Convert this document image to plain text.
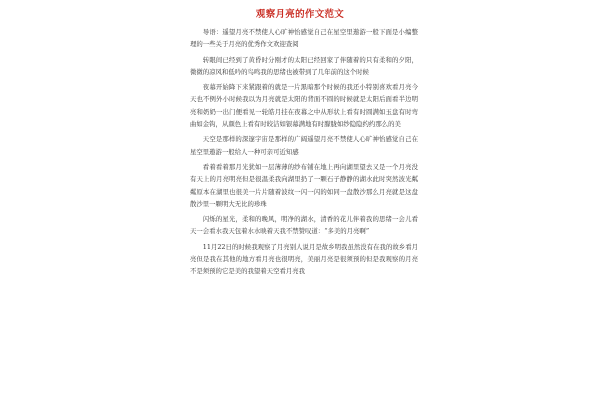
观察月亮的作文范文

导语：遥望月亮不禁使人心旷神怡感觉自己在星空里遨游一般下面是小编整理的一些关于月亮的优秀作文欢迎查阅

转眼间已经到了黄昏时分刚才的太阳已经回家了伴随着的只有柔和的夕阳，微微的凉风和低吟的鸟鸣我的思绪也被带到了几年前的这个时候

夜幕开始降下来紧跟着的就是一片黑暗那个时候的我还小特别喜欢看月亮今天也不例外小时候我以为月亮就是太阳的背面不圆的时候就是太阳后面看半边明亮和奶奶一出门便看见一轮皓月挂在夜幕之中从形状上看有时圆满如玉盘有时弯曲如金钩，从颜色上看有时皎洁如银幕满地有时朦胧如纱隐隐约约那么的美

天空是那样的深邃宇宙是那样的广阔遥望月亮不禁使人心旷神怡感觉自己在星空里遨游一般给人一种可亲可近知感

看着看着那月光犹如一层薄薄的纱布铺在地上再向湖里望去又是一个月亮没有天上的月亮明亮但是很温柔我向湖里扔了一颗石子静静的湖水此时突然波光粼粼原本在湖里也很美一片片随着波纹一闪一闪的如同一盘散沙那么月亮就是这盘散沙里一颗明大无比的珍珠

闪烁的星光，柔和的晚风，明净的湖水，清香的花儿伴着我的思绪一会儿看天一会看水我天包着水水映着天我不禁赞叹道：“多美的月亮啊”

11月22日的时候我观察了月亮别人说月是故乡明我虽然没有在我的故乡看月亮但是我在其他的地方看月亮也很明亮，美丽月亮是很须预的但是我观察的月亮不是须预的它是美的我望着天空看月亮我
